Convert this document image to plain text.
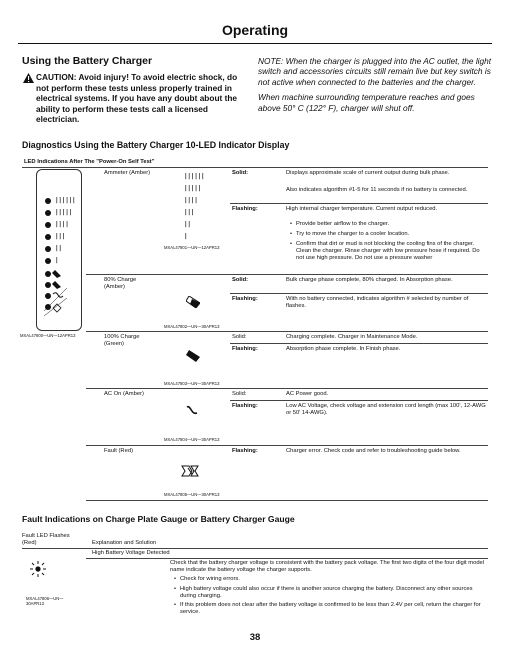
Operating
Using the Battery Charger
CAUTION: Avoid injury! To avoid electric shock, do not perform these tests unless properly trained in electrical systems. If you have any doubt about the ability to perform these tests call a licensed electrician.
NOTE: When the charger is plugged into the AC outlet, the light switch and accessories circuits still remain live but key switch is not active when connected to the batteries and the charger.
When machine surrounding temperature reaches and goes above 50° C (122° F), charger will shut off.
Diagnostics Using the Battery Charger 10-LED Indicator Display
LED Indications After The "Power-On Self Test"
||||||
|||||
||||
|||
||
|
MXAL47800—UN—12APR13
Ammeter (Amber)	||||||
|||||
||||
|||
||
|
MXAL47801—UN—12APR13
Solid:	Displays approximate scale of current output during bulk phase.
Also indicates algorithm #1-5 for 11 seconds if no battery is connected.
Flashing:	High internal charger temperature. Current output reduced.
• Provide better airflow to the charger.
• Try to move the charger to a cooler location.
• Confirm that dirt or mud is not blocking the cooling fins of the charger. Clean the charger. Rinse charger with low pressure hose if required. Do not use high pressure. Do not use a pressure washer
80% Charge (Amber)
MXAL47802—UN—30APR13
Solid:	Bulk charge phase complete, 80% charged. In Absorption phase.
Flashing:	With no battery connected, indicates algorithm # selected by number of flashes.
100% Charge (Green)
MXAL47803—UN—30APR13
Solid:	Charging complete. Charger in Maintenance Mode.
Flashing:	Absorption phase complete. In Finish phase.
AC On (Amber)
MXAL47804—UN—30APR13
Solid:	AC Power good.
Flashing:	Low AC Voltage, check voltage and extension cord length (max 100', 12-AWG or 50' 14-AWG).
Fault (Red)
MXAL47805—UN—30APR13
Flashing:	Charger error. Check code and refer to troubleshooting guide below.
Fault Indications on Charge Plate Gauge or Battery Charger Gauge
Fault LED Flashes (Red)	Explanation and Solution
High Battery Voltage Detected
MXAL47806—UN—30APR13
Check that the battery charger voltage is consistent with the battery pack voltage. The first two digits of the four digit model name indicate the battery voltage the charger supports.
• Check for wiring errors.
• High battery voltage could also occur if there is another source charging the battery. Disconnect any other sources during charging.
• If this problem does not clear after the battery voltage is confirmed to be less than 2.4V per cell, return the charger for service.
38
